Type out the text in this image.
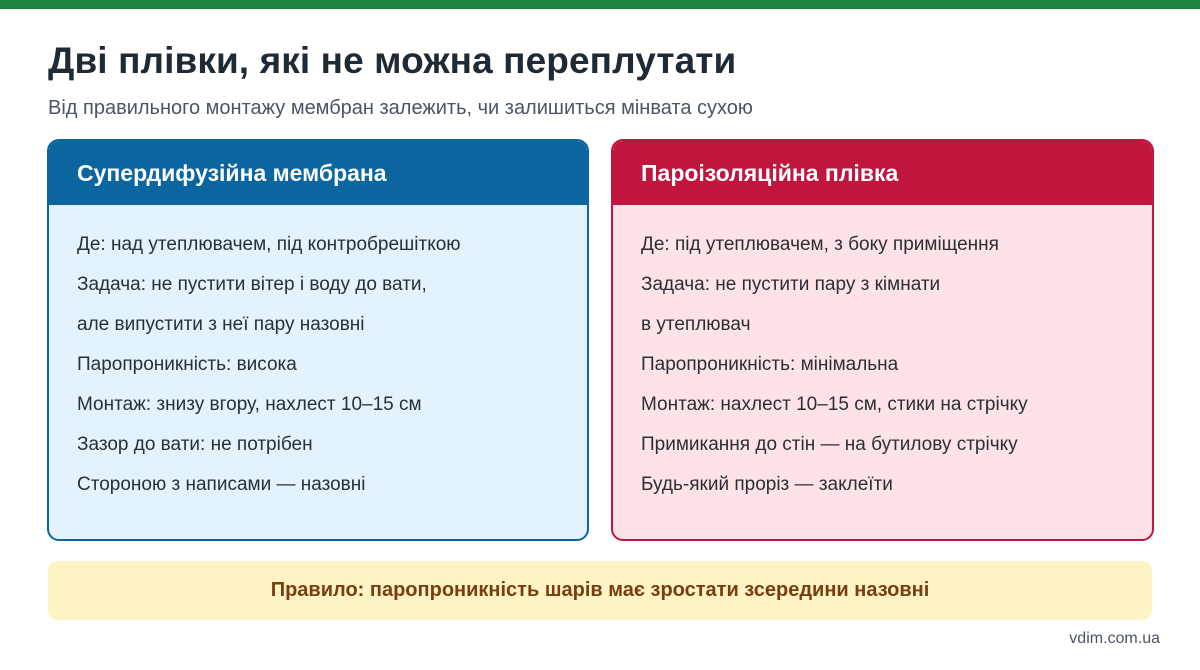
Дві плівки, які не можна переплутати

Від правильного монтажу мембран залежить, чи залишиться мінвата сухою

Супердифузійна мембрана
Де: над утеплювачем, під контробрешіткою
Задача: не пустити вітер і воду до вати,
але випустити з неї пару назовні
Паропроникність: висока
Монтаж: знизу вгору, нахлест 10–15 см
Зазор до вати: не потрібен
Стороною з написами — назовні
Пароізоляційна плівка
Де: під утеплювачем, з боку приміщення
Задача: не пустити пару з кімнати
в утеплювач
Паропроникність: мінімальна
Монтаж: нахлест 10–15 см, стики на стрічку
Примикання до стін — на бутилову стрічку
Будь-який проріз — заклеїти
Правило: паропроникність шарів має зростати зсередини назовні
vdim.com.ua
